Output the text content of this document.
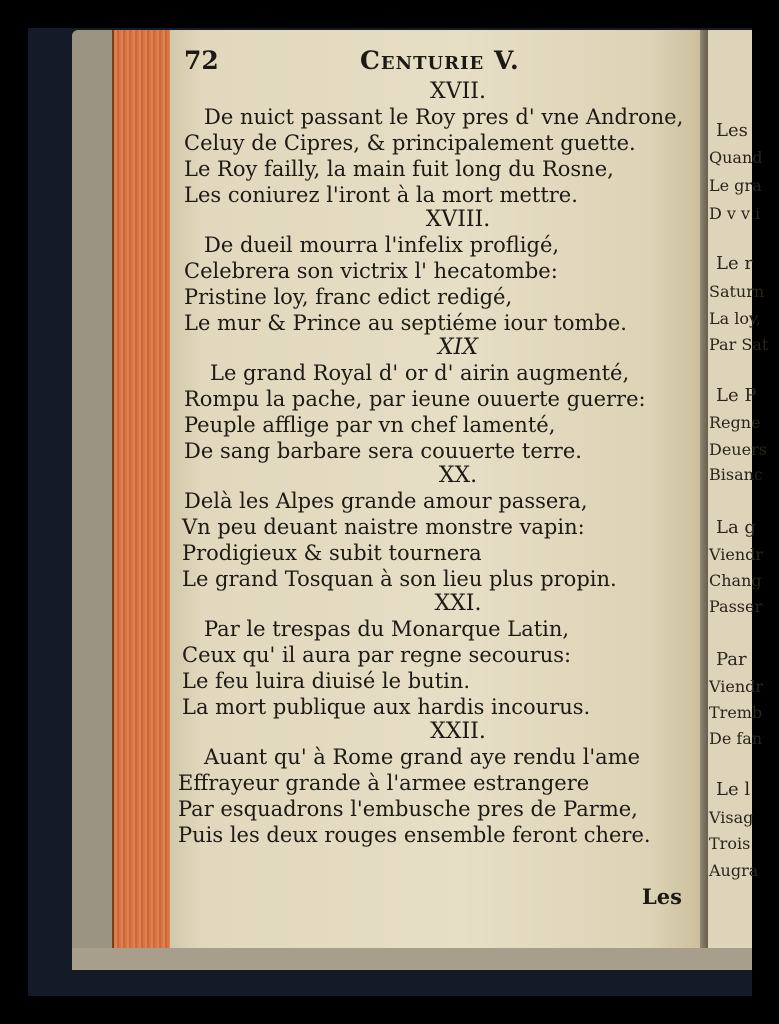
72	Centurie V.
XVII.
De nuict passant le Roy pres d' vne Androne,
Celuy de Cipres, & principalement guette.
Le Roy failly, la main fuit long du Rosne,
Les coniurez l'iront à la mort mettre.
XVIII.
De dueil mourra l'infelix profligé,
Celebrera son victrix l' hecatombe:
Pristine loy, franc edict redigé,
Le mur & Prince au septiéme iour tombe.
XIX
Le grand Royal d' or d' airin augmenté,
Rompu la pache, par ieune ouuerte guerre:
Peuple afflige par vn chef lamenté,
De sang barbare sera couuerte terre.
XX.
Delà les Alpes grande amour passera,
Vn peu deuant naistre monstre vapin:
Prodigieux & subit tournera
Le grand Tosquan à son lieu plus propin.
XXI.
Par le trespas du Monarque Latin,
Ceux qu' il aura par regne secourus:
Le feu luira diuisé le butin.
La mort publique aux hardis incourus.
XXII.
Auant qu' à Rome grand aye rendu l'ame
Effrayeur grande à l'armee estrangere
Par esquadrons l'embusche pres de Parme,
Puis les deux rouges ensemble feront chere.
Les
Les
Quand
Le gra
D v v i
Le r
Saturn
La loy,
Par Sat
Le P
Regne
Deuers
Bisanc
La g
Viendr
Chang
Passer
Par
Viendr
Tremb
De fan
Le l
Visag
Trois
Augra
